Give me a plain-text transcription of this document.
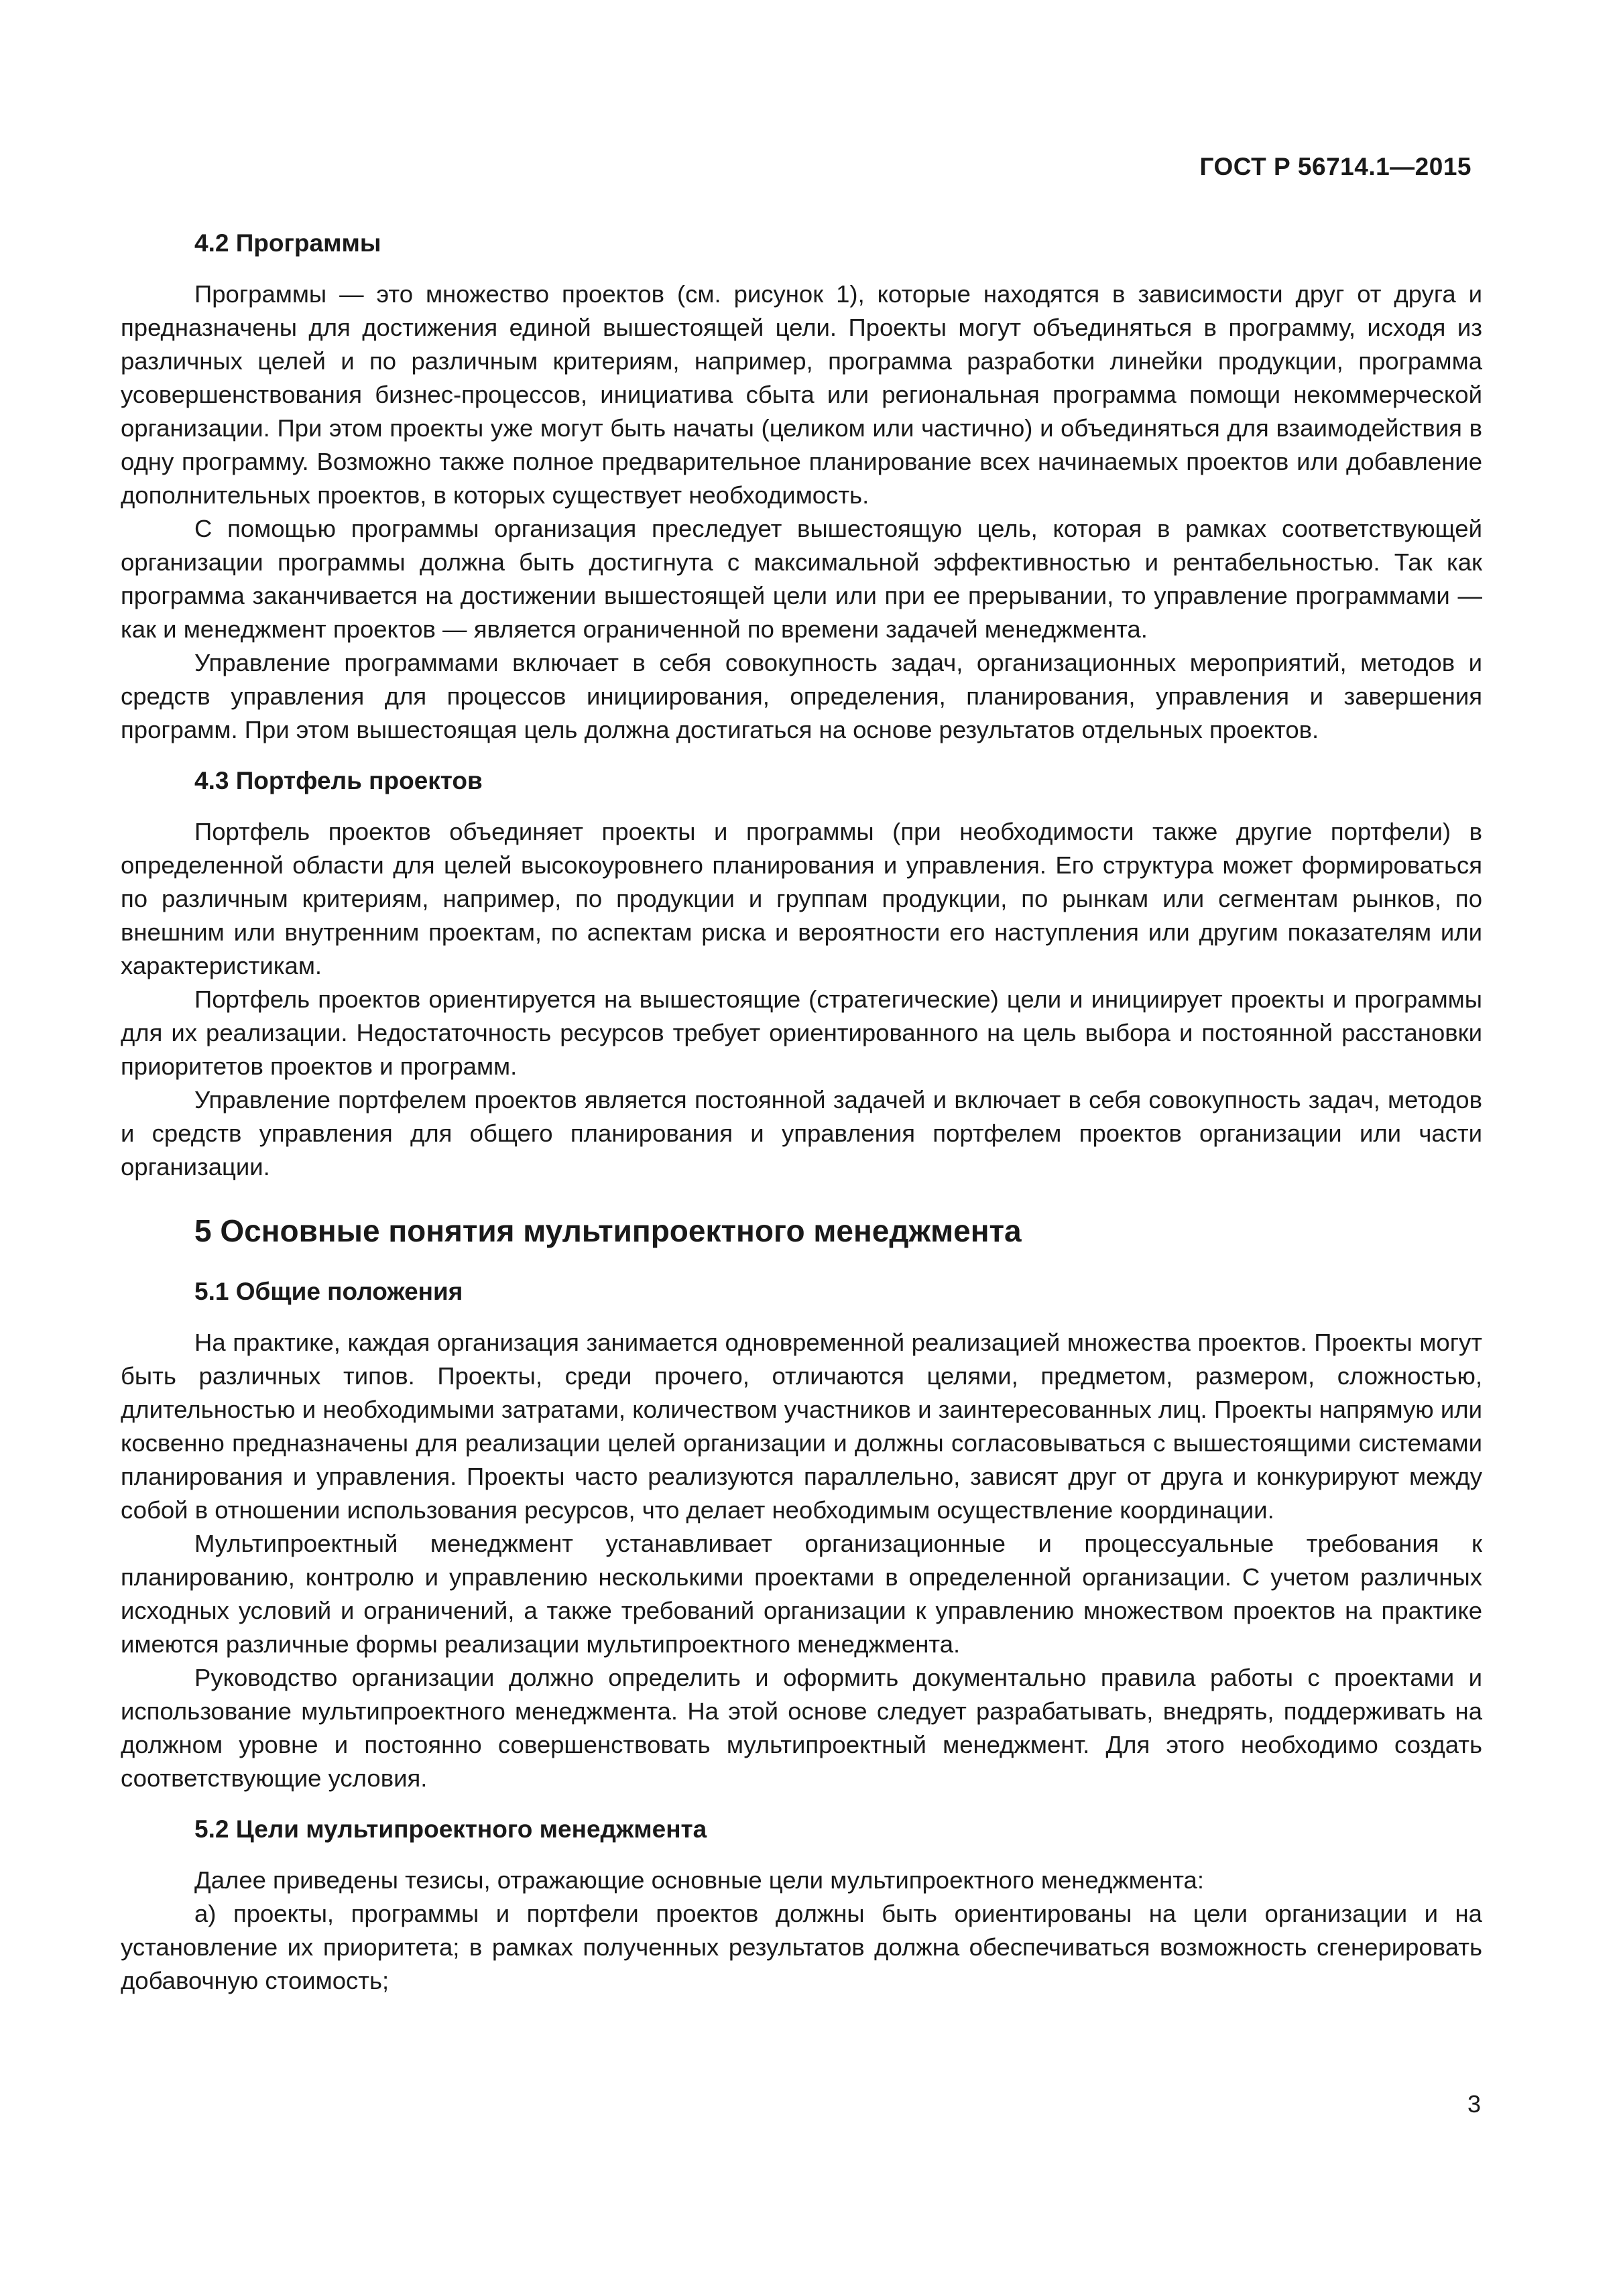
ГОСТ Р 56714.1—2015
4.2 Программы

Программы — это множество проектов (см. рисунок 1), которые находятся в зависимости друг от друга и предназначены для достижения единой вышестоящей цели. Проекты могут объединяться в программу, исходя из различных целей и по различным критериям, например, программа разработки линейки продукции, программа усовершенствования бизнес-процессов, инициатива сбыта или региональная программа помощи некоммерческой организации. При этом проекты уже могут быть начаты (целиком или частично) и объединяться для взаимодействия в одну программу. Возможно также полное предварительное планирование всех начинаемых проектов или добавление дополнительных проектов, в которых существует необходимость.

С помощью программы организация преследует вышестоящую цель, которая в рамках соответствующей организации программы должна быть достигнута с максимальной эффективностью и рентабельностью. Так как программа заканчивается на достижении вышестоящей цели или при ее прерывании, то управление программами — как и менеджмент проектов — является ограниченной по времени задачей менеджмента.

Управление программами включает в себя совокупность задач, организационных мероприятий, методов и средств управления для процессов инициирования, определения, планирования, управления и завершения программ. При этом вышестоящая цель должна достигаться на основе результатов отдельных проектов.

4.3 Портфель проектов

Портфель проектов объединяет проекты и программы (при необходимости также другие портфели) в определенной области для целей высокоуровнего планирования и управления. Его структура может формироваться по различным критериям, например, по продукции и группам продукции, по рынкам или сегментам рынков, по внешним или внутренним проектам, по аспектам риска и вероятности его наступления или другим показателям или характеристикам.

Портфель проектов ориентируется на вышестоящие (стратегические) цели и инициирует проекты и программы для их реализации. Недостаточность ресурсов требует ориентированного на цель выбора и постоянной расстановки приоритетов проектов и программ.

Управление портфелем проектов является постоянной задачей и включает в себя совокупность задач, методов и средств управления для общего планирования и управления портфелем проектов организации или части организации.

5 Основные понятия мультипроектного менеджмента
5.1 Общие положения

На практике, каждая организация занимается одновременной реализацией множества проектов. Проекты могут быть различных типов. Проекты, среди прочего, отличаются целями, предметом, размером, сложностью, длительностью и необходимыми затратами, количеством участников и заинтересованных лиц. Проекты напрямую или косвенно предназначены для реализации целей организации и должны согласовываться с вышестоящими системами планирования и управления. Проекты часто реализуются параллельно, зависят друг от друга и конкурируют между собой в отношении использования ресурсов, что делает необходимым осуществление координации.

Мультипроектный менеджмент устанавливает организационные и процессуальные требования к планированию, контролю и управлению несколькими проектами в определенной организации. С учетом различных исходных условий и ограничений, а также требований организации к управлению множеством проектов на практике имеются различные формы реализации мультипроектного менеджмента.

Руководство организации должно определить и оформить документально правила работы с проектами и использование мультипроектного менеджмента. На этой основе следует разрабатывать, внедрять, поддерживать на должном уровне и постоянно совершенствовать мультипроектный менеджмент. Для этого необходимо создать соответствующие условия.

5.2 Цели мультипроектного менеджмента

Далее приведены тезисы, отражающие основные цели мультипроектного менеджмента:

а) проекты, программы и портфели проектов должны быть ориентированы на цели организации и на установление их приоритета; в рамках полученных результатов должна обеспечиваться возможность сгенерировать добавочную стоимость;

3
